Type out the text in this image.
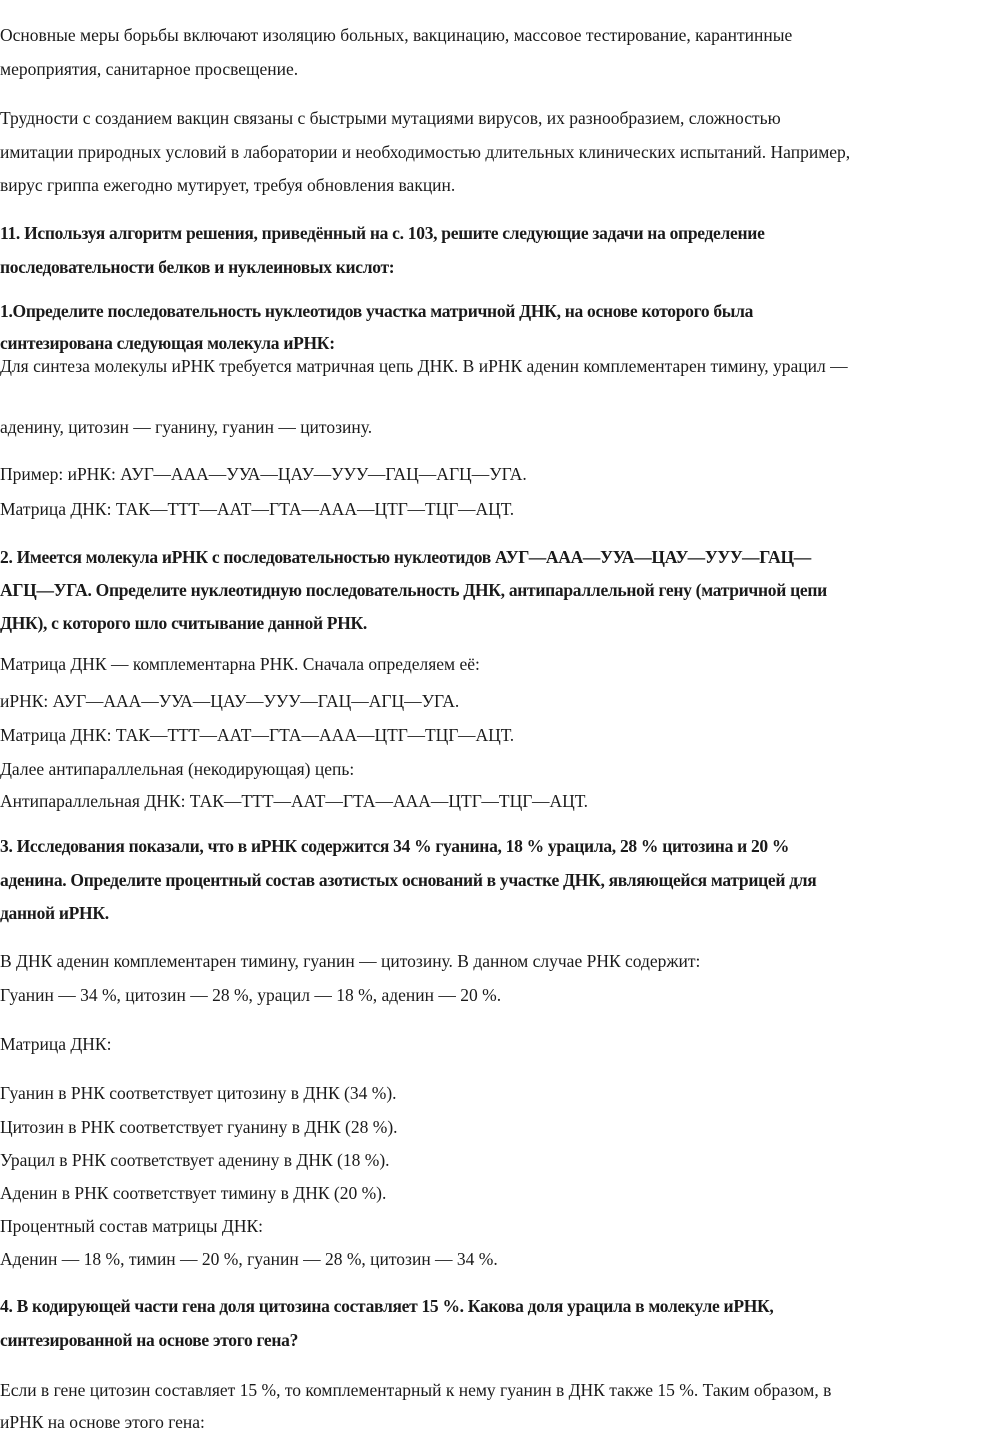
Основные меры борьбы включают изоляцию больных, вакцинацию, массовое тестирование, карантинные
мероприятия, санитарное просвещение.
Трудности с созданием вакцин связаны с быстрыми мутациями вирусов, их разнообразием, сложностью
имитации природных условий в лаборатории и необходимостью длительных клинических испытаний. Например,
вирус гриппа ежегодно мутирует, требуя обновления вакцин.
11. Используя алгоритм решения, приведённый на с. 103, решите следующие задачи на определение
последовательности белков и нуклеиновых кислот:
1.Определите последовательность нуклеотидов участка матричной ДНК, на основе которого была
синтезирована следующая молекула иРНК:
Для синтеза молекулы иРНК требуется матричная цепь ДНК. В иРНК аденин комплементарен тимину, урацил —
аденину, цитозин — гуанину, гуанин — цитозину.
Пример: иРНК: АУГ—ААА—УУА—ЦАУ—УУУ—ГАЦ—АГЦ—УГА.
Матрица ДНК: ТАК—ТТТ—ААТ—ГТА—ААА—ЦТГ—ТЦГ—АЦТ.
2. Имеется молекула иРНК с последовательностью нуклеотидов АУГ—ААА—УУА—ЦАУ—УУУ—ГАЦ—
АГЦ—УГА. Определите нуклеотидную последовательность ДНК, антипараллельной гену (матричной цепи
ДНК), с которого шло считывание данной РНК.
Матрица ДНК — комплементарна РНК. Сначала определяем её:
иРНК: АУГ—ААА—УУА—ЦАУ—УУУ—ГАЦ—АГЦ—УГА.
Матрица ДНК: ТАК—ТТТ—ААТ—ГТА—ААА—ЦТГ—ТЦГ—АЦТ.
Далее антипараллельная (некодирующая) цепь:
Антипараллельная ДНК: ТАК—ТТТ—ААТ—ГТА—ААА—ЦТГ—ТЦГ—АЦТ.
3. Исследования показали, что в иРНК содержится 34 % гуанина, 18 % урацила, 28 % цитозина и 20 %
аденина. Определите процентный состав азотистых оснований в участке ДНК, являющейся матрицей для
данной иРНК.
В ДНК аденин комплементарен тимину, гуанин — цитозину. В данном случае РНК содержит:
Гуанин — 34 %, цитозин — 28 %, урацил — 18 %, аденин — 20 %.
Матрица ДНК:
Гуанин в РНК соответствует цитозину в ДНК (34 %).
Цитозин в РНК соответствует гуанину в ДНК (28 %).
Урацил в РНК соответствует аденину в ДНК (18 %).
Аденин в РНК соответствует тимину в ДНК (20 %).
Процентный состав матрицы ДНК:
Аденин — 18 %, тимин — 20 %, гуанин — 28 %, цитозин — 34 %.
4. В кодирующей части гена доля цитозина составляет 15 %. Какова доля урацила в молекуле иРНК,
синтезированной на основе этого гена?
Если в гене цитозин составляет 15 %, то комплементарный к нему гуанин в ДНК также 15 %. Таким образом, в
иРНК на основе этого гена:
